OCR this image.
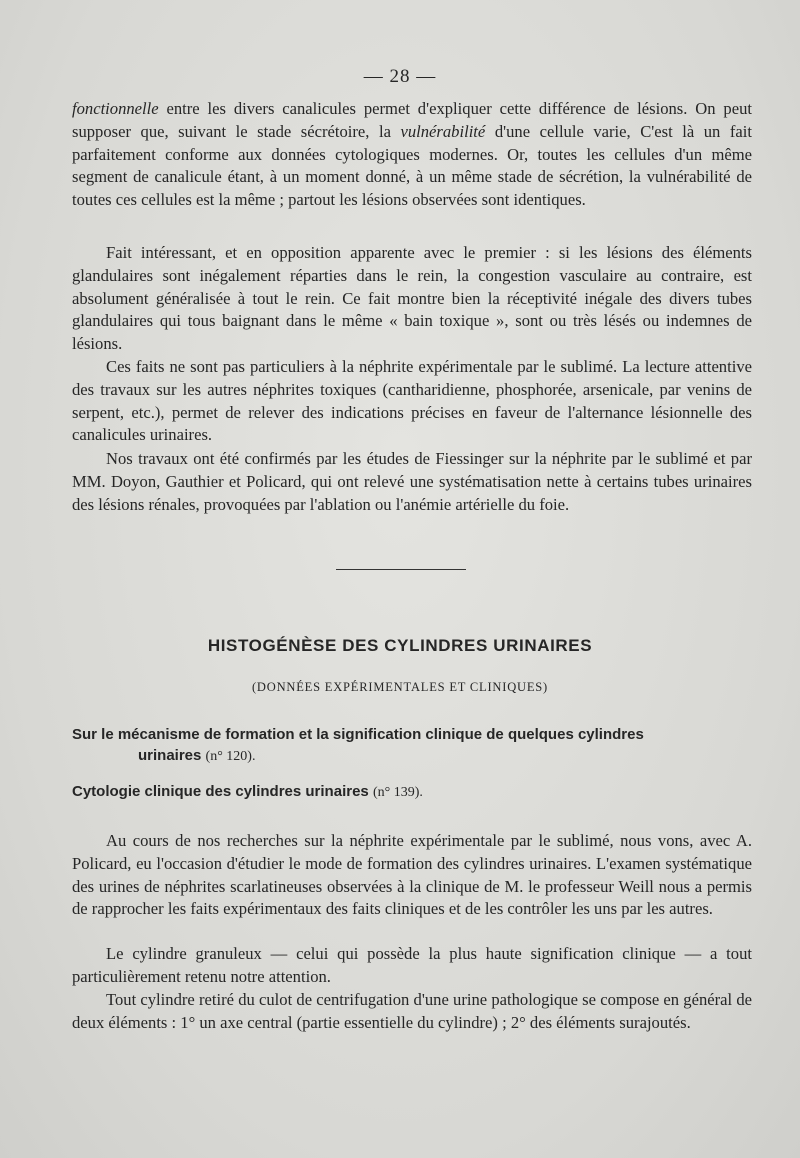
— 28 —

fonctionnelle entre les divers canalicules permet d'expliquer cette différence de lésions. On peut supposer que, suivant le stade sécrétoire, la vulnérabilité d'une cellule varie, C'est là un fait parfaitement conforme aux données cytologiques modernes. Or, toutes les cellules d'un même segment de canalicule étant, à un moment donné, à un même stade de sécrétion, la vulnérabilité de toutes ces cellules est la même ; partout les lésions observées sont identiques.

Fait intéressant, et en opposition apparente avec le premier : si les lésions des éléments glandulaires sont inégalement réparties dans le rein, la congestion vasculaire au contraire, est absolument généralisée à tout le rein. Ce fait montre bien la réceptivité inégale des divers tubes glandulaires qui tous baignant dans le même « bain toxique », sont ou très lésés ou indemnes de lésions.

Ces faits ne sont pas particuliers à la néphrite expérimentale par le sublimé. La lecture attentive des travaux sur les autres néphrites toxiques (cantharidienne, phosphorée, arsenicale, par venins de serpent, etc.), permet de relever des indications précises en faveur de l'alternance lésionnelle des canalicules urinaires.

Nos travaux ont été confirmés par les études de Fiessinger sur la néphrite par le sublimé et par MM. Doyon, Gauthier et Policard, qui ont relevé une systématisation nette à certains tubes urinaires des lésions rénales, provoquées par l'ablation ou l'anémie artérielle du foie.

HISTOGÉNÈSE DES CYLINDRES URINAIRES
(DONNÉES EXPÉRIMENTALES ET CLINIQUES)

Sur le mécanisme de formation et la signification clinique de quelques cylindres
urinaires (n° 120).

Cytologie clinique des cylindres urinaires (n° 139).

Au cours de nos recherches sur la néphrite expérimentale par le sublimé, nous vons, avec A. Policard, eu l'occasion d'étudier le mode de formation des cylindres urinaires. L'examen systématique des urines de néphrites scarlatineuses observées à la clinique de M. le professeur Weill nous a permis de rapprocher les faits expérimentaux des faits cliniques et de les contrôler les uns par les autres.

Le cylindre granuleux — celui qui possède la plus haute signification clinique — a tout particulièrement retenu notre attention.

Tout cylindre retiré du culot de centrifugation d'une urine pathologique se compose en général de deux éléments : 1° un axe central (partie essentielle du cylindre) ; 2° des éléments surajoutés.
